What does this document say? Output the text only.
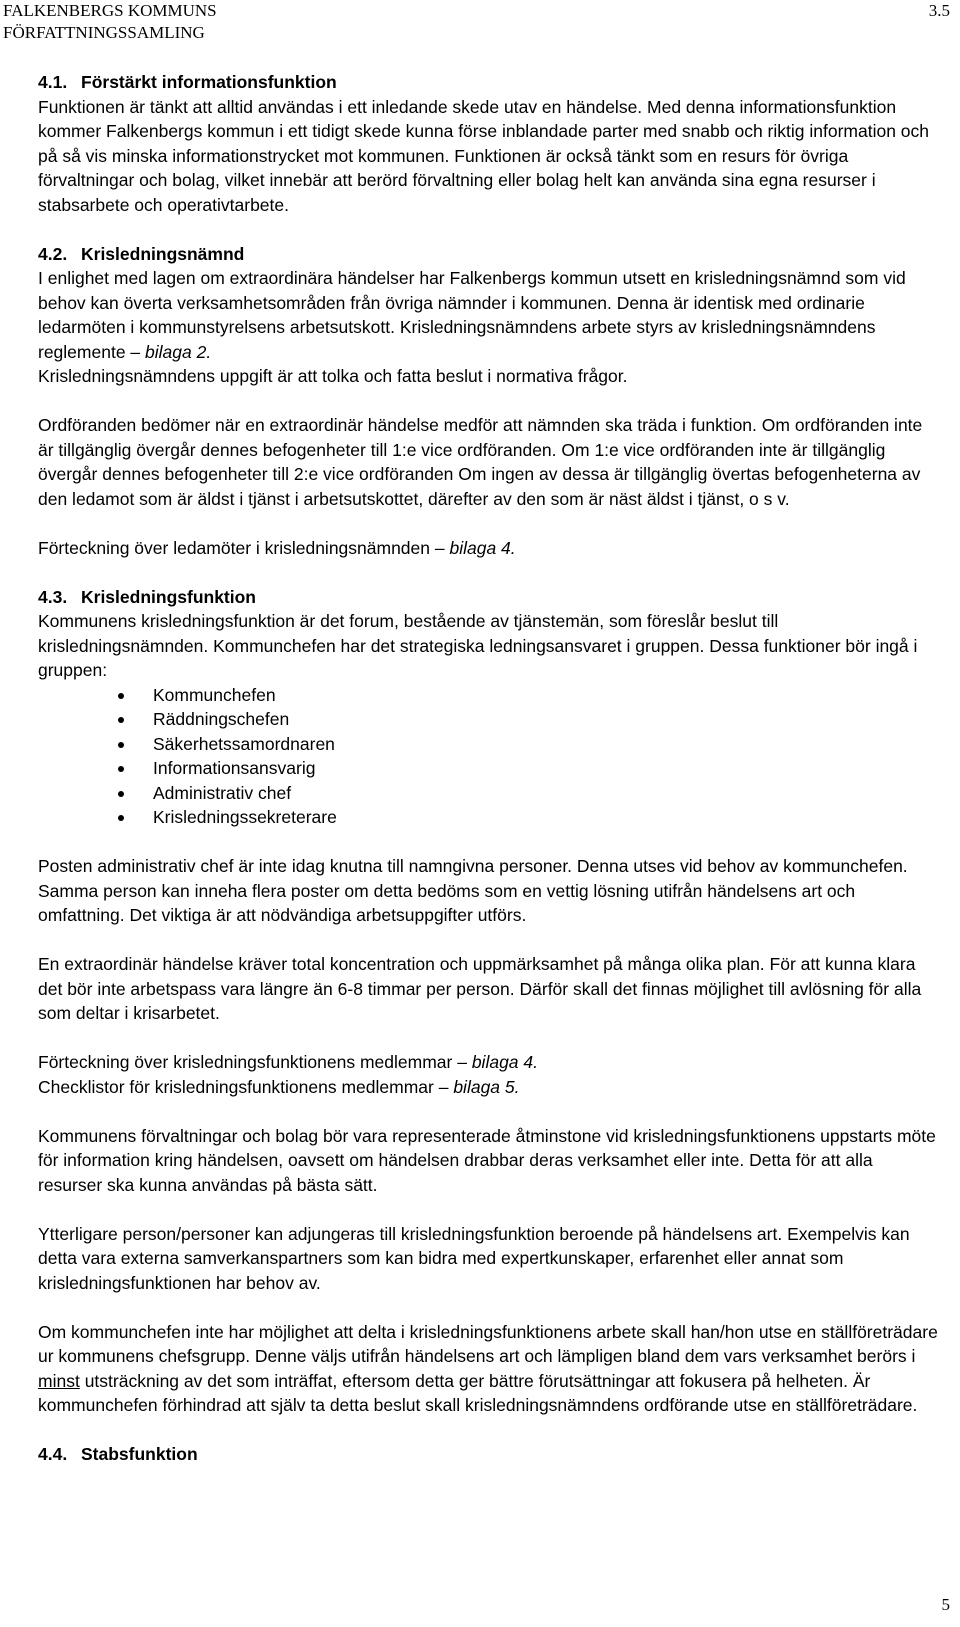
FALKENBERGS KOMMUNS
FÖRFATTNINGSSAMLING
3.5
4.1. Förstärkt informationsfunktion

Funktionen är tänkt att alltid användas i ett inledande skede utav en händelse. Med denna informationsfunktion kommer Falkenbergs kommun i ett tidigt skede kunna förse inblandade parter med snabb och riktig information och på så vis minska informationstrycket mot kommunen. Funktionen är också tänkt som en resurs för övriga förvaltningar och bolag, vilket innebär att berörd förvaltning eller bolag helt kan använda sina egna resurser i stabsarbete och operativtarbete.

4.2. Krisledningsnämnd

I enlighet med lagen om extraordinära händelser har Falkenbergs kommun utsett en krisledningsnämnd som vid behov kan överta verksamhetsområden från övriga nämnder i kommunen. Denna är identisk med ordinarie ledarmöten i kommunstyrelsens arbetsutskott. Krisledningsnämndens arbete styrs av krisledningsnämndens reglemente – bilaga 2.
Krisledningsnämndens uppgift är att tolka och fatta beslut i normativa frågor.

Ordföranden bedömer när en extraordinär händelse medför att nämnden ska träda i funktion. Om ordföranden inte är tillgänglig övergår dennes befogenheter till 1:e vice ordföranden. Om 1:e vice ordföranden inte är tillgänglig övergår dennes befogenheter till 2:e vice ordföranden Om ingen av dessa är tillgänglig övertas befogenheterna av den ledamot som är äldst i tjänst i arbetsutskottet, därefter av den som är näst äldst i tjänst, o s v.

Förteckning över ledamöter i krisledningsnämnden – bilaga 4.

4.3. Krisledningsfunktion

Kommunens krisledningsfunktion är det forum, bestående av tjänstemän, som föreslår beslut till krisledningsnämnden. Kommunchefen har det strategiska ledningsansvaret i gruppen. Dessa funktioner bör ingå i gruppen:

Kommunchefen
Räddningschefen
Säkerhetssamordnaren
Informationsansvarig
Administrativ chef
Krisledningssekreterare

Posten administrativ chef är inte idag knutna till namngivna personer. Denna utses vid behov av kommunchefen. Samma person kan inneha flera poster om detta bedöms som en vettig lösning utifrån händelsens art och omfattning. Det viktiga är att nödvändiga arbetsuppgifter utförs.

En extraordinär händelse kräver total koncentration och uppmärksamhet på många olika plan. För att kunna klara det bör inte arbetspass vara längre än 6-8 timmar per person. Därför skall det finnas möjlighet till avlösning för alla som deltar i krisarbetet.

Förteckning över krisledningsfunktionens medlemmar – bilaga 4.
Checklistor för krisledningsfunktionens medlemmar – bilaga 5.

Kommunens förvaltningar och bolag bör vara representerade åtminstone vid krisledningsfunktionens uppstarts möte för information kring händelsen, oavsett om händelsen drabbar deras verksamhet eller inte. Detta för att alla resurser ska kunna användas på bästa sätt.

Ytterligare person/personer kan adjungeras till krisledningsfunktion beroende på händelsens art. Exempelvis kan detta vara externa samverkanspartners som kan bidra med expertkunskaper, erfarenhet eller annat som krisledningsfunktionen har behov av.

Om kommunchefen inte har möjlighet att delta i krisledningsfunktionens arbete skall han/hon utse en ställföreträdare ur kommunens chefsgrupp. Denne väljs utifrån händelsens art och lämpligen bland dem vars verksamhet berörs i minst utsträckning av det som inträffat, eftersom detta ger bättre förutsättningar att fokusera på helheten. Är kommunchefen förhindrad att själv ta detta beslut skall krisledningsnämndens ordförande utse en ställföreträdare.

4.4. Stabsfunktion
5
